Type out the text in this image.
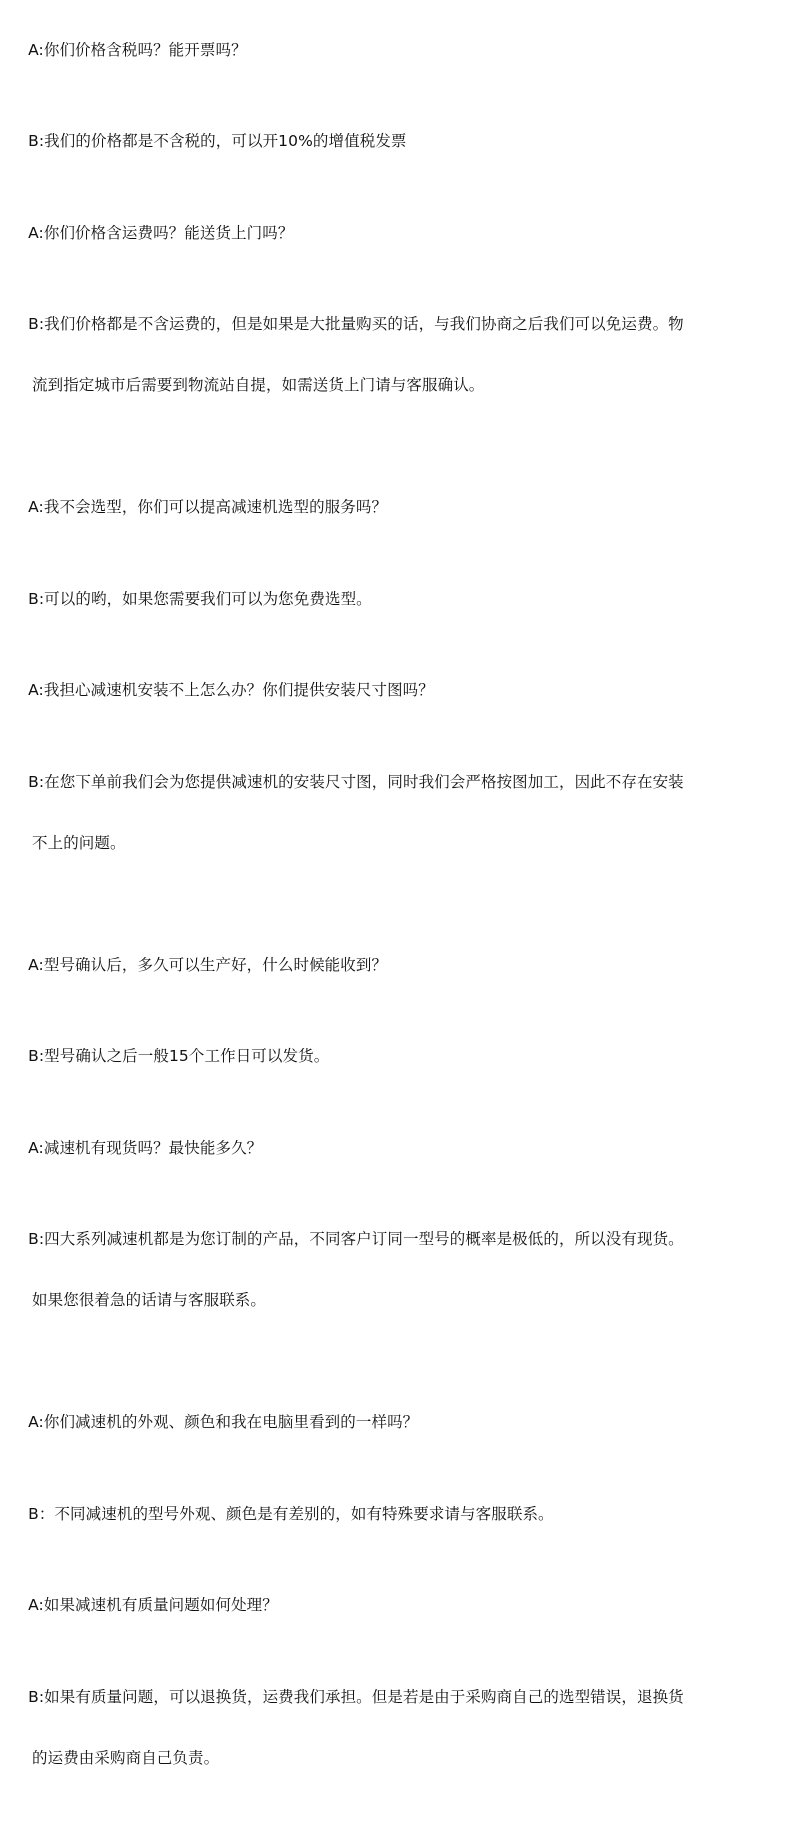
A:你们价格含税吗？能开票吗？

B:我们的价格都是不含税的，可以开10%的增值税发票

A:你们价格含运费吗？能送货上门吗？

B:我们价格都是不含运费的，但是如果是大批量购买的话，与我们协商之后我们可以免运费。物

流到指定城市后需要到物流站自提，如需送货上门请与客服确认。

A:我不会选型，你们可以提高减速机选型的服务吗？

B:可以的哟，如果您需要我们可以为您免费选型。

A:我担心减速机安装不上怎么办？你们提供安装尺寸图吗？

B:在您下单前我们会为您提供减速机的安装尺寸图，同时我们会严格按图加工，因此不存在安装

不上的问题。

A:型号确认后，多久可以生产好，什么时候能收到？

B:型号确认之后一般15个工作日可以发货。

A:减速机有现货吗？最快能多久？

B:四大系列减速机都是为您订制的产品，不同客户订同一型号的概率是极低的，所以没有现货。

如果您很着急的话请与客服联系。

A:你们减速机的外观、颜色和我在电脑里看到的一样吗？

B：不同减速机的型号外观、颜色是有差别的，如有特殊要求请与客服联系。

A:如果减速机有质量问题如何处理？

B:如果有质量问题，可以退换货，运费我们承担。但是若是由于采购商自己的选型错误，退换货

的运费由采购商自己负责。
